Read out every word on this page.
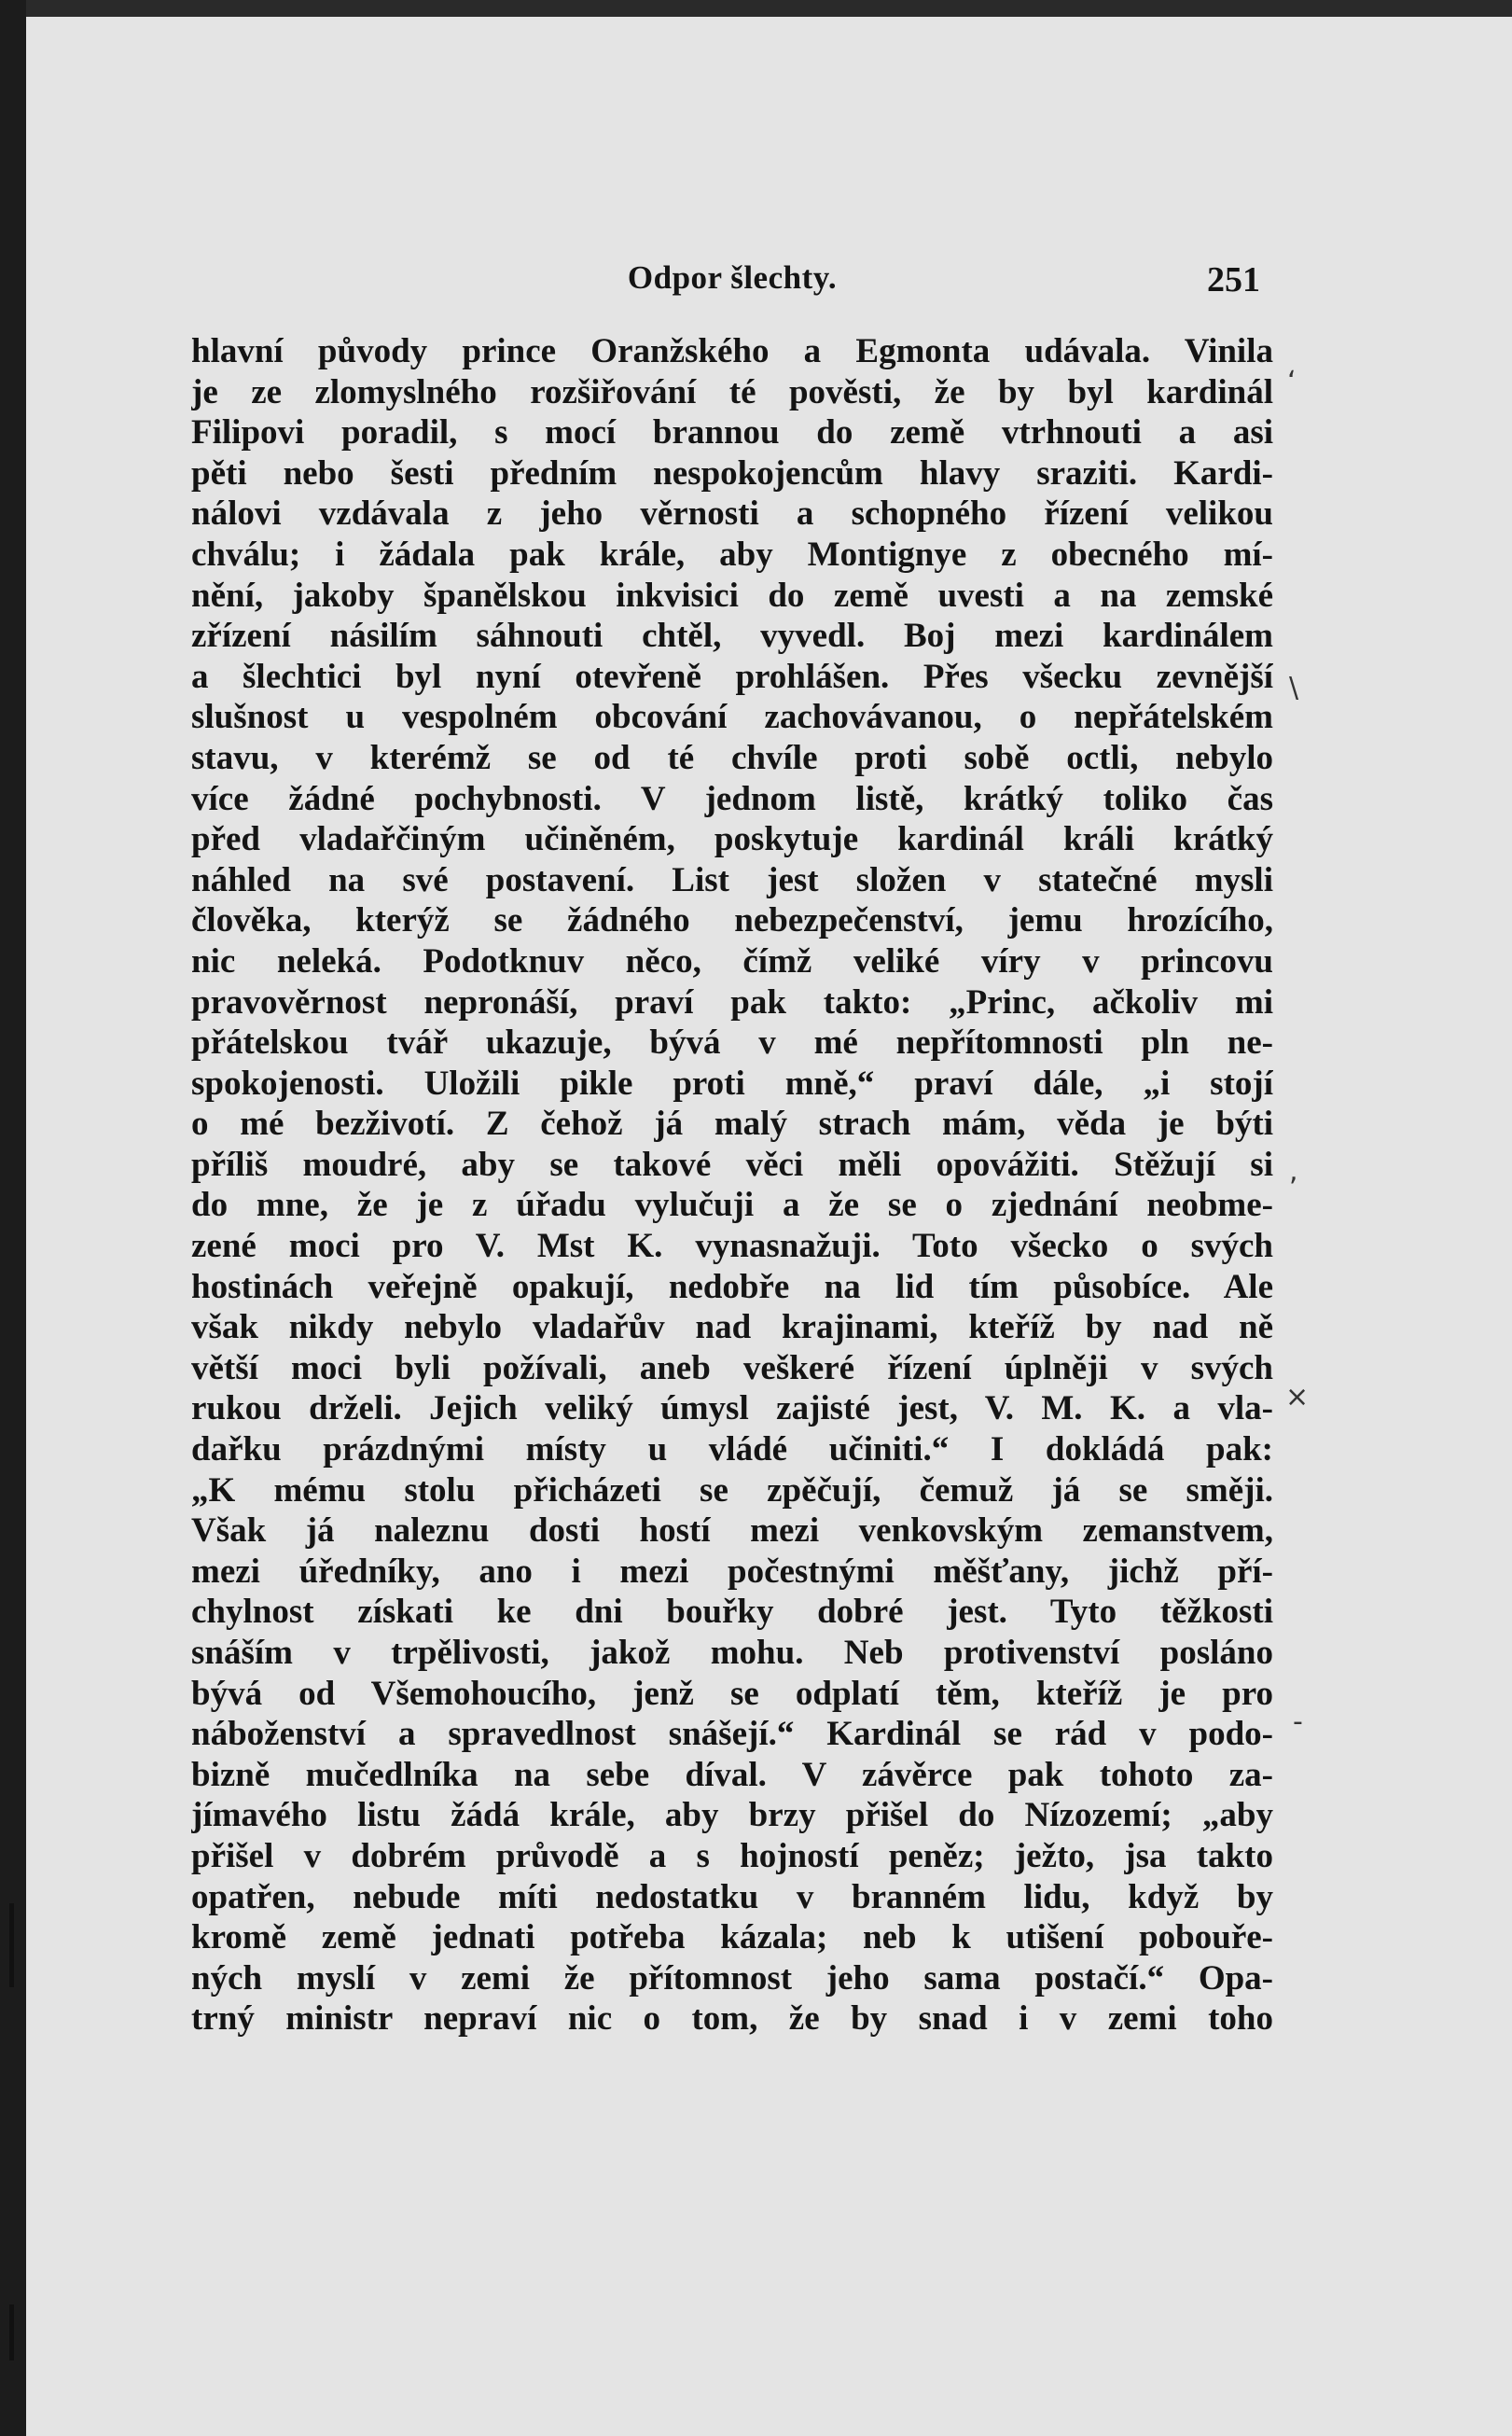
Odpor šlechty.	251
hlavní původy prince Oranžského a Egmonta udávala. Vinila
je ze zlomyslného rozšiřování té pověsti, že by byl kardinál
Filipovi poradil, s mocí brannou do země vtrhnouti a asi
pěti nebo šesti předním nespokojencům hlavy sraziti. Kardi-
nálovi vzdávala z jeho věrnosti a schopného řízení velikou
chválu; i žádala pak krále, aby Montignye z obecného mí-
nění, jakoby španělskou inkvisici do země uvesti a na zemské
zřízení násilím sáhnouti chtěl, vyvedl. Boj mezi kardinálem
a šlechtici byl nyní otevřeně prohlášen. Přes všecku zevnější
slušnost u vespolném obcování zachovávanou, o nepřátelském
stavu, v kterémž se od té chvíle proti sobě octli, nebylo
více žádné pochybnosti. V jednom listě, krátký toliko čas
před vladařčiným učiněném, poskytuje kardinál králi krátký
náhled na své postavení. List jest složen v statečné mysli
člověka, kterýž se žádného nebezpečenství, jemu hrozícího,
nic neleká. Podotknuv něco, čímž veliké víry v princovu
pravověrnost nepronáší, praví pak takto: „Princ, ačkoliv mi
přátelskou tvář ukazuje, bývá v mé nepřítomnosti pln ne-
spokojenosti. Uložili pikle proti mně,“ praví dále, „i stojí
o mé bezživotí. Z čehož já malý strach mám, věda je býti
příliš moudré, aby se takové věci měli opovážiti. Stěžují si
do mne, že je z úřadu vylučuji a že se o zjednání neobme-
zené moci pro V. Mst K. vynasnažuji. Toto všecko o svých
hostinách veřejně opakují, nedobře na lid tím působíce. Ale
však nikdy nebylo vladařův nad krajinami, kteříž by nad ně
větší moci byli požívali, aneb veškeré řízení úplněji v svých
rukou drželi. Jejich veliký úmysl zajisté jest, V. M. K. a vla-
dařku prázdnými místy u vládé učiniti.“ I dokládá pak:
„K mému stolu přicházeti se zpěčují, čemuž já se směji.
Však já naleznu dosti hostí mezi venkovským zemanstvem,
mezi úředníky, ano i mezi počestnými měšťany, jichž pří-
chylnost získati ke dni bouřky dobré jest. Tyto těžkosti
snáším v trpělivosti, jakož mohu. Neb protivenství posláno
bývá od Všemohoucího, jenž se odplatí těm, kteříž je pro
náboženství a spravedlnost snášejí.“ Kardinál se rád v podo-
bizně mučedlníka na sebe díval. V závěrce pak tohoto za-
jímavého listu žádá krále, aby brzy přišel do Nízozemí; „aby
přišel v dobrém průvodě a s hojností peněz; ježto, jsa takto
opatřen, nebude míti nedostatku v branném lidu, když by
kromě země jednati potřeba kázala; neb k utišení pobouře-
ných myslí v zemi že přítomnost jeho sama postačí.“ Opa-
trný ministr nepraví nic o tom, že by snad i v zemi toho
‘
\
,
×
-
